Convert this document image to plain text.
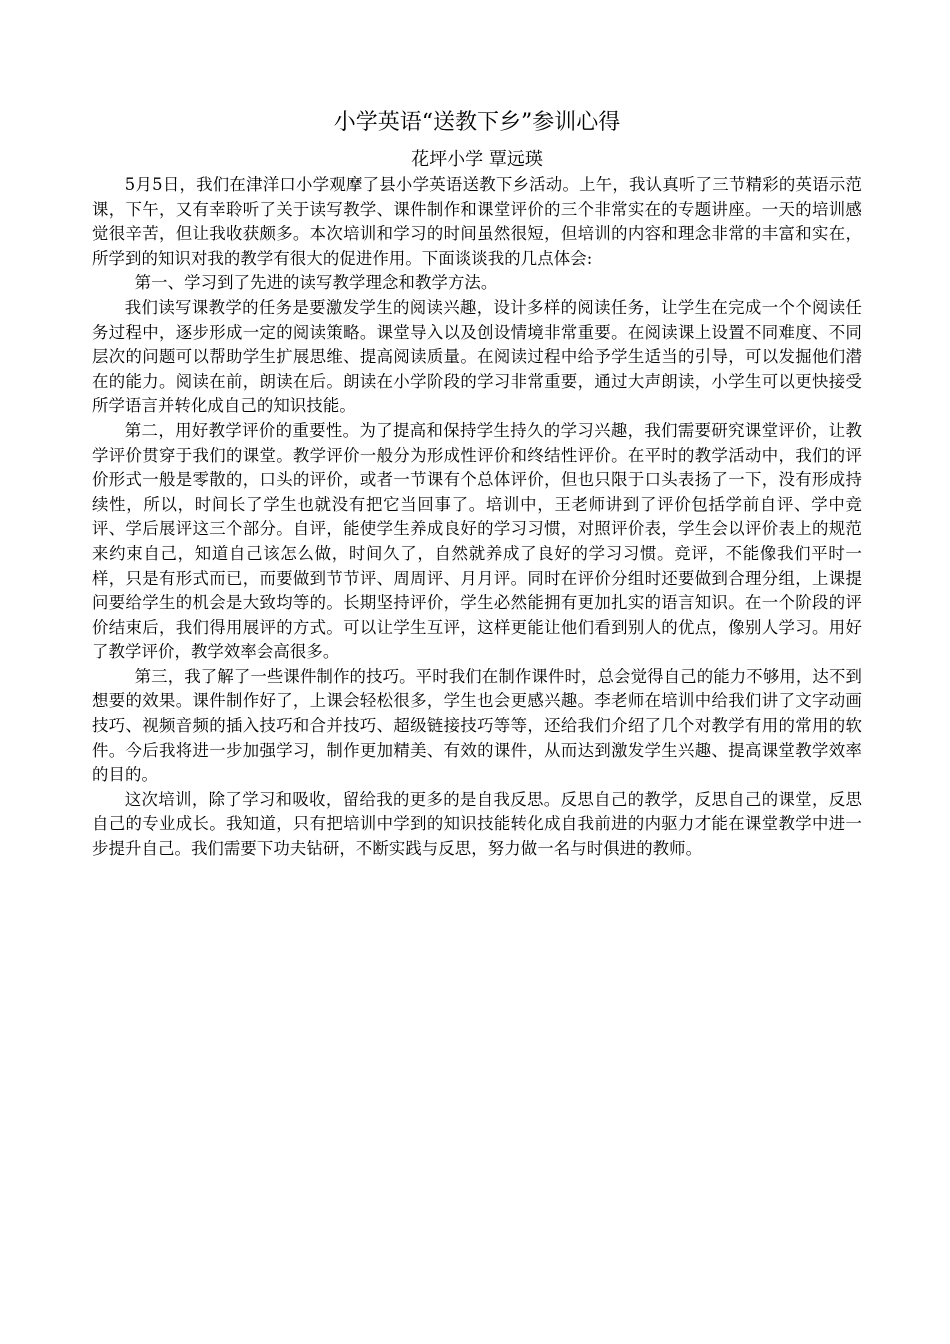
小学英语“送教下乡”参训心得

花坪小学 覃远瑛

5月5日，我们在津洋口小学观摩了县小学英语送教下乡活动。上午，我认真听了三节精彩的英语示范课，下午，又有幸聆听了关于读写教学、课件制作和课堂评价的三个非常实在的专题讲座。一天的培训感觉很辛苦，但让我收获颇多。本次培训和学习的时间虽然很短，但培训的内容和理念非常的丰富和实在，所学到的知识对我的教学有很大的促进作用。下面谈谈我的几点体会:

第一、学习到了先进的读写教学理念和教学方法。

我们读写课教学的任务是要激发学生的阅读兴趣，设计多样的阅读任务，让学生在完成一个个阅读任务过程中，逐步形成一定的阅读策略。课堂导入以及创设情境非常重要。在阅读课上设置不同难度、不同层次的问题可以帮助学生扩展思维、提高阅读质量。在阅读过程中给予学生适当的引导，可以发掘他们潜在的能力。阅读在前，朗读在后。朗读在小学阶段的学习非常重要，通过大声朗读，小学生可以更快接受所学语言并转化成自己的知识技能。

第二，用好教学评价的重要性。为了提高和保持学生持久的学习兴趣，我们需要研究课堂评价，让教学评价贯穿于我们的课堂。教学评价一般分为形成性评价和终结性评价。在平时的教学活动中，我们的评价形式一般是零散的，口头的评价，或者一节课有个总体评价，但也只限于口头表扬了一下，没有形成持续性，所以，时间长了学生也就没有把它当回事了。培训中，王老师讲到了评价包括学前自评、学中竞评、学后展评这三个部分。自评，能使学生养成良好的学习习惯，对照评价表，学生会以评价表上的规范来约束自己，知道自己该怎么做，时间久了，自然就养成了良好的学习习惯。竞评，不能像我们平时一样，只是有形式而已，而要做到节节评、周周评、月月评。同时在评价分组时还要做到合理分组，上课提问要给学生的机会是大致均等的。长期坚持评价，学生必然能拥有更加扎实的语言知识。在一个阶段的评价结束后，我们得用展评的方式。可以让学生互评，这样更能让他们看到别人的优点，像别人学习。用好了教学评价，教学效率会高很多。

第三，我了解了一些课件制作的技巧。平时我们在制作课件时，总会觉得自己的能力不够用，达不到想要的效果。课件制作好了，上课会轻松很多，学生也会更感兴趣。李老师在培训中给我们讲了文字动画技巧、视频音频的插入技巧和合并技巧、超级链接技巧等等，还给我们介绍了几个对教学有用的常用的软件。今后我将进一步加强学习，制作更加精美、有效的课件，从而达到激发学生兴趣、提高课堂教学效率的目的。

这次培训，除了学习和吸收，留给我的更多的是自我反思。反思自己的教学，反思自己的课堂，反思自己的专业成长。我知道，只有把培训中学到的知识技能转化成自我前进的内驱力才能在课堂教学中进一步提升自己。我们需要下功夫钻研，不断实践与反思，努力做一名与时俱进的教师。
